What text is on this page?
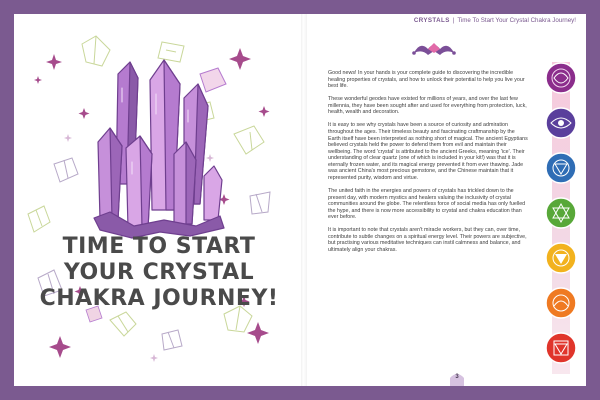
TIME TO START
YOUR CRYSTAL
CHAKRA JOURNEY!
CRYSTALS | Time To Start Your Crystal Chakra Journey!

Good news! In your hands is your complete guide to discovering the incredible healing properties of crystals, and how to unlock their potential to help you live your best life.

These wonderful geodes have existed for millions of years, and over the last few millennia, they have been sought after and used for everything from protection, luck, health, wealth and decoration.

It is easy to see why crystals have been a source of curiosity and admiration throughout the ages. Their timeless beauty and fascinating craftmanship by the Earth itself have been interpreted as nothing short of magical. The ancient Egyptians believed crystals held the power to defend them from evil and maintain their wellbeing. The word 'crystal' is attributed to the ancient Greeks, meaning 'ice'. Their understanding of clear quartz (one of which is included in your kit!) was that it is eternally frozen water, and its magical energy prevented it from ever thawing. Jade was ancient China's most precious gemstone, and the Chinese maintain that it represented purity, wisdom and virtue.

The united faith in the energies and powers of crystals has trickled down to the present day, with modern mystics and healers valuing the inclusivity of crystal communities around the globe. The relentless force of social media has only fuelled the hype, and there is now more accessibility to crystal and chakra education than ever before.

It is important to note that crystals aren't miracle workers, but they can, over time, contribute to subtle changes on a spiritual energy level. Their powers are subjective, but practising various meditative techniques can instil calmness and balance, and ultimately align your chakras.

3
